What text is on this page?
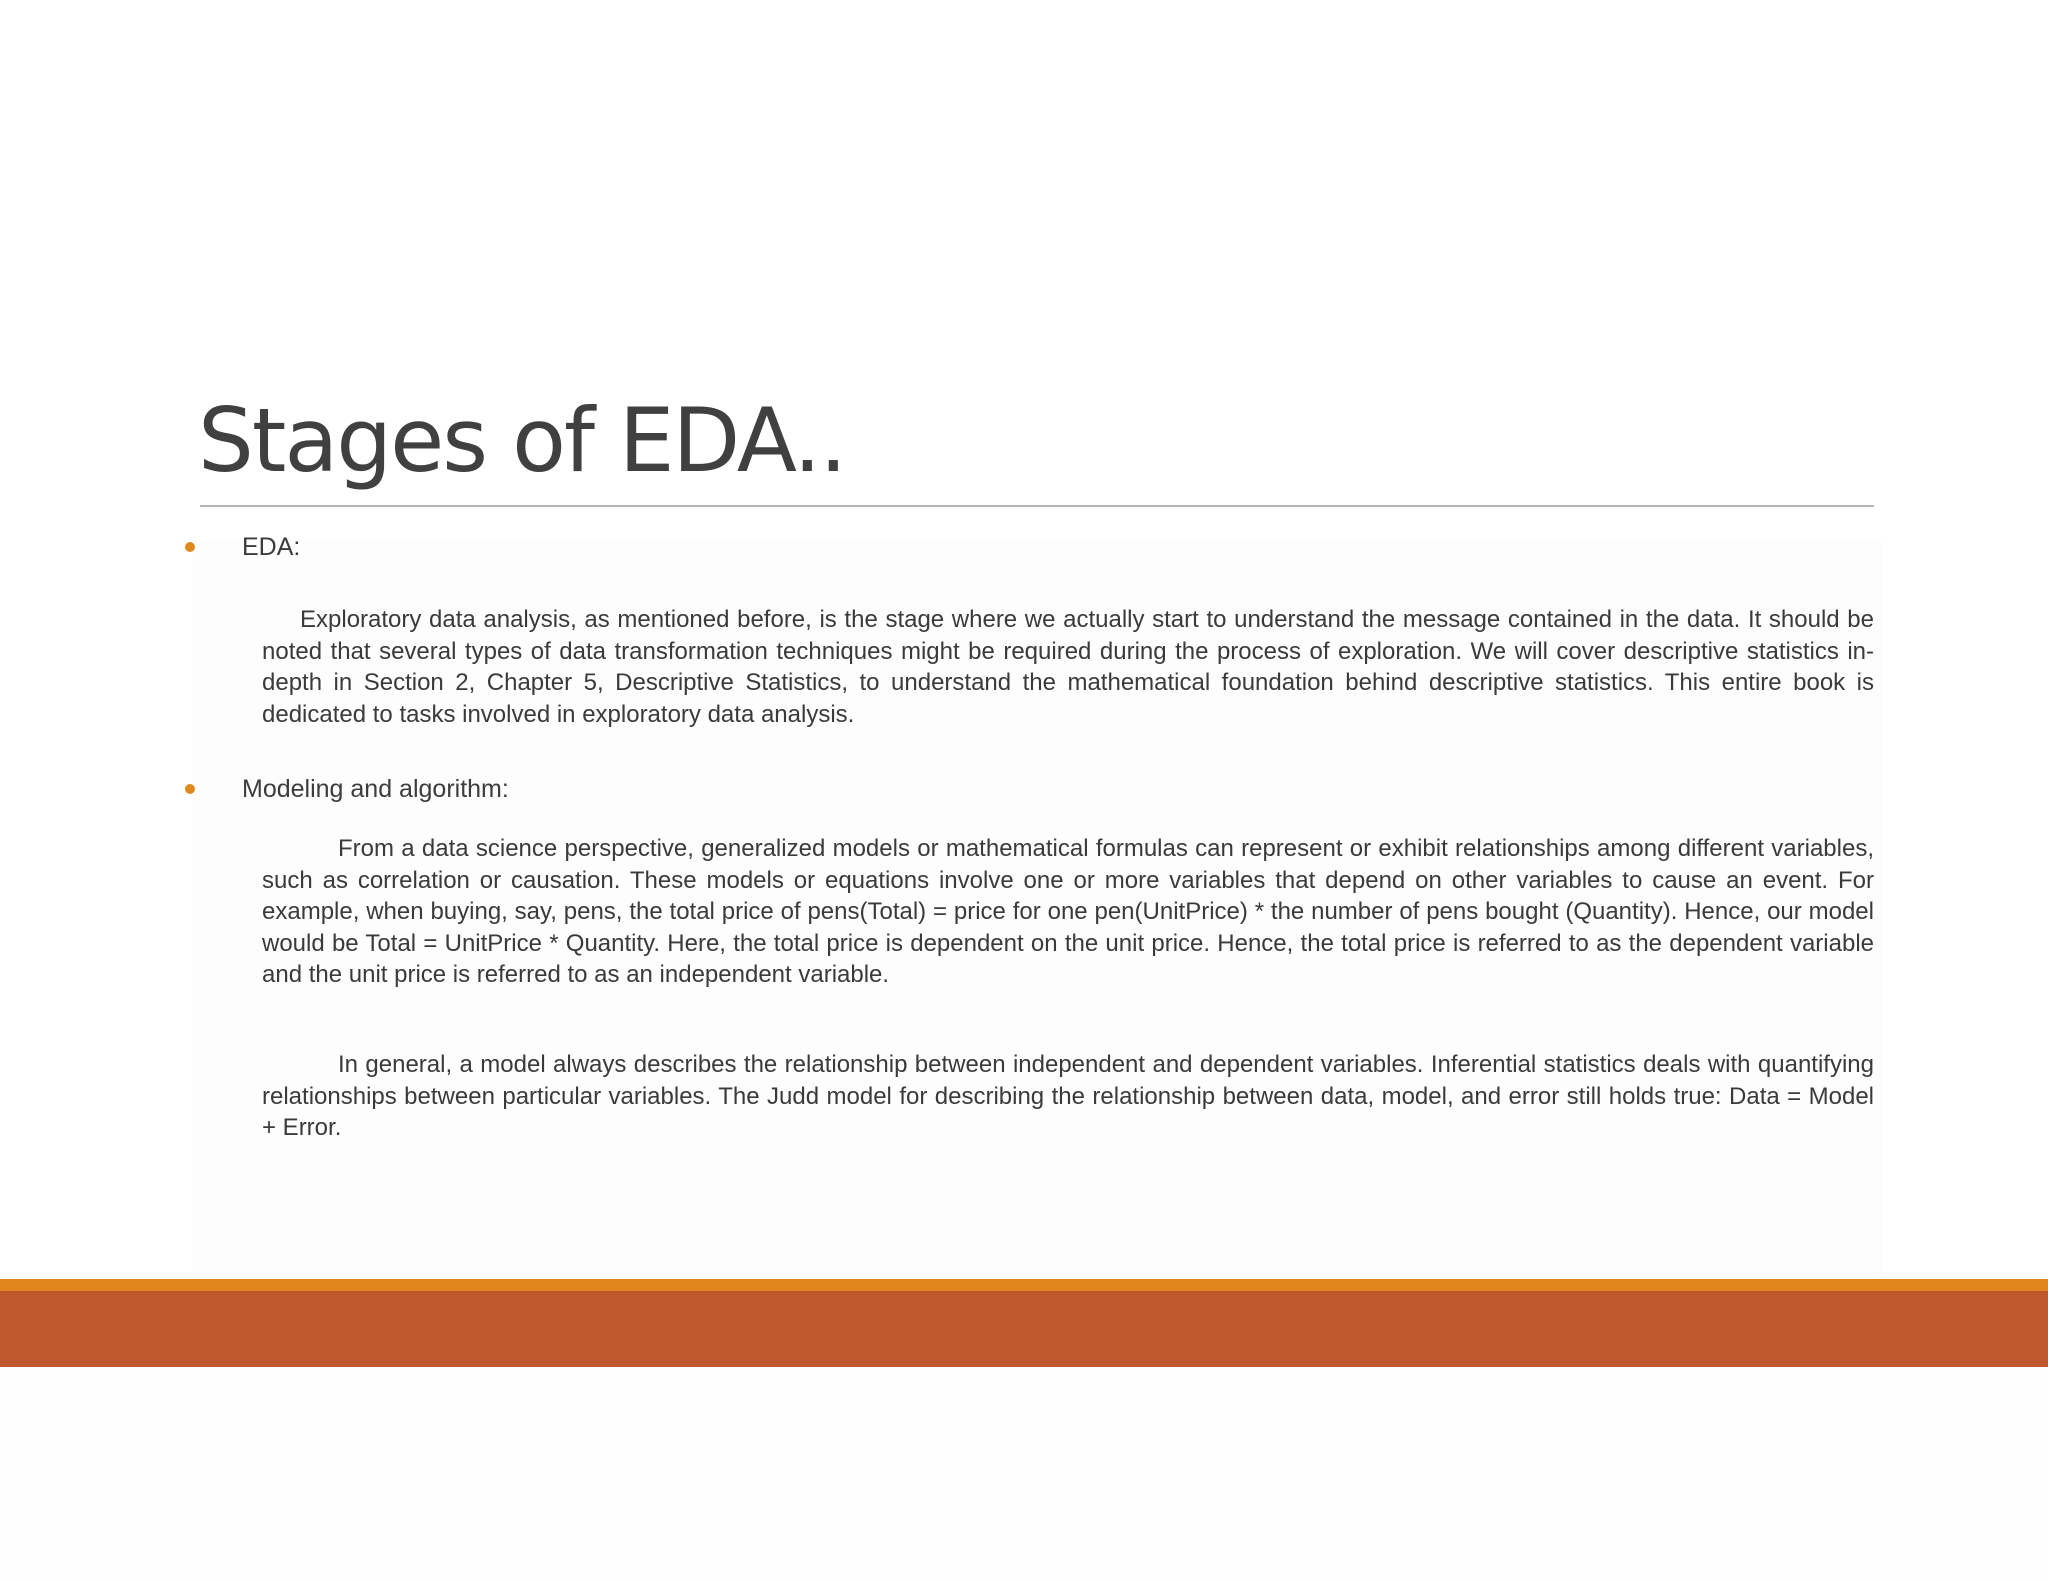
Stages of EDA..
EDA:
Exploratory data analysis, as mentioned before, is the stage where we actually start to understand the message contained in the data. It should be noted that several types of data transformation techniques might be required during the process of exploration. We will cover descriptive statistics in-depth in Section 2, Chapter 5, Descriptive Statistics, to understand the mathematical foundation behind descriptive statistics. This entire book is dedicated to tasks involved in exploratory data analysis.
Modeling and algorithm:
From a data science perspective, generalized models or mathematical formulas can represent or exhibit relationships among different variables, such as correlation or causation. These models or equations involve one or more variables that depend on other variables to cause an event. For example, when buying, say, pens, the total price of pens(Total) = price for one pen(UnitPrice) * the number of pens bought (Quantity). Hence, our model would be Total = UnitPrice * Quantity. Here, the total price is dependent on the unit price. Hence, the total price is referred to as the dependent variable and the unit price is referred to as an independent variable.
In general, a model always describes the relationship between independent and dependent variables. Inferential statistics deals with quantifying relationships between particular variables. The Judd model for describing the relationship between data, model, and error still holds true: Data = Model + Error.
